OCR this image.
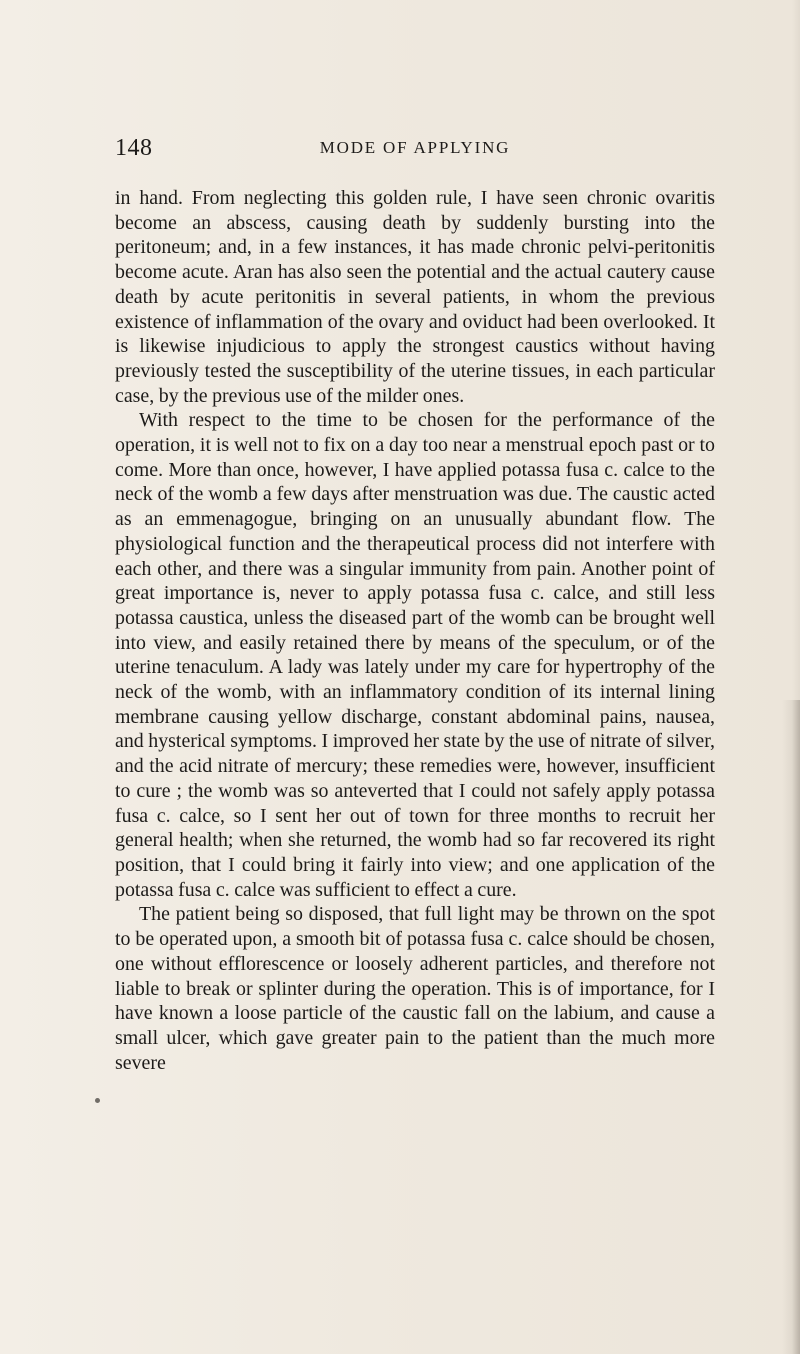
148	MODE OF APPLYING

in hand. From neglecting this golden rule, I have seen chronic ovaritis become an abscess, causing death by suddenly bursting into the peritoneum; and, in a few instances, it has made chronic pelvi-peritonitis become acute. Aran has also seen the potential and the actual cautery cause death by acute peritonitis in several patients, in whom the previous existence of inflammation of the ovary and oviduct had been overlooked. It is likewise injudicious to apply the strongest caustics without having previously tested the susceptibility of the uterine tissues, in each particular case, by the previous use of the milder ones.

With respect to the time to be chosen for the performance of the operation, it is well not to fix on a day too near a menstrual epoch past or to come. More than once, however, I have applied potassa fusa c. calce to the neck of the womb a few days after menstruation was due. The caustic acted as an emmenagogue, bringing on an unusually abundant flow. The physiological function and the therapeutical process did not interfere with each other, and there was a singular immunity from pain. Another point of great importance is, never to apply potassa fusa c. calce, and still less potassa caustica, unless the diseased part of the womb can be brought well into view, and easily retained there by means of the speculum, or of the uterine tenaculum. A lady was lately under my care for hypertrophy of the neck of the womb, with an inflammatory condition of its internal lining membrane causing yellow discharge, constant abdominal pains, nausea, and hysterical symptoms. I improved her state by the use of nitrate of silver, and the acid nitrate of mercury; these remedies were, however, insufficient to cure ; the womb was so anteverted that I could not safely apply potassa fusa c. calce, so I sent her out of town for three months to recruit her general health; when she returned, the womb had so far recovered its right position, that I could bring it fairly into view; and one application of the potassa fusa c. calce was sufficient to effect a cure.

The patient being so disposed, that full light may be thrown on the spot to be operated upon, a smooth bit of potassa fusa c. calce should be chosen, one without efflorescence or loosely adherent particles, and therefore not liable to break or splinter during the operation. This is of importance, for I have known a loose particle of the caustic fall on the labium, and cause a small ulcer, which gave greater pain to the patient than the much more severe
